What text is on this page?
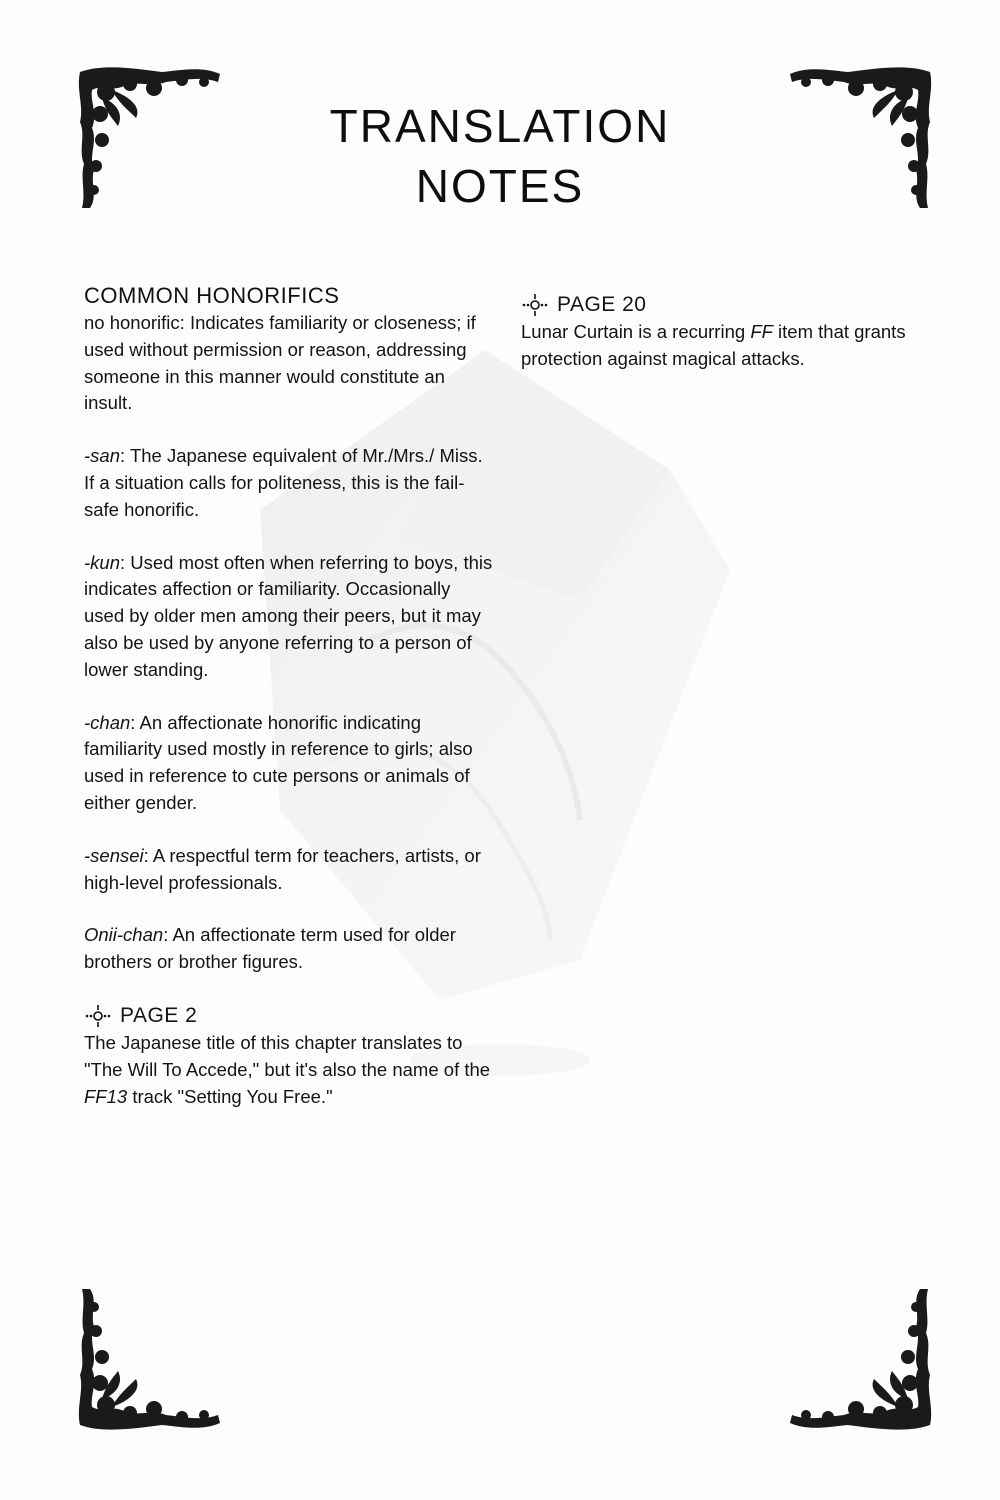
TRANSLATION
NOTES
COMMON HONORIFICS

no honorific: Indicates familiarity or closeness; if used without permission or reason, addressing someone in this manner would constitute an insult.

-san: The Japanese equivalent of Mr./Mrs./ Miss. If a situation calls for politeness, this is the fail-safe honorific.

-kun: Used most often when referring to boys, this indicates affection or familiarity. Occasionally used by older men among their peers, but it may also be used by anyone referring to a person of lower standing.

-chan: An affectionate honorific indicating familiarity used mostly in reference to girls; also used in reference to cute persons or animals of either gender.

-sensei: A respectful term for teachers, artists, or high-level professionals.

Onii-chan: An affectionate term used for older brothers or brother figures.

PAGE 2

The Japanese title of this chapter translates to "The Will To Accede," but it's also the name of the FF13 track "Setting You Free."

PAGE 20

Lunar Curtain is a recurring FF item that grants protection against magical attacks.
